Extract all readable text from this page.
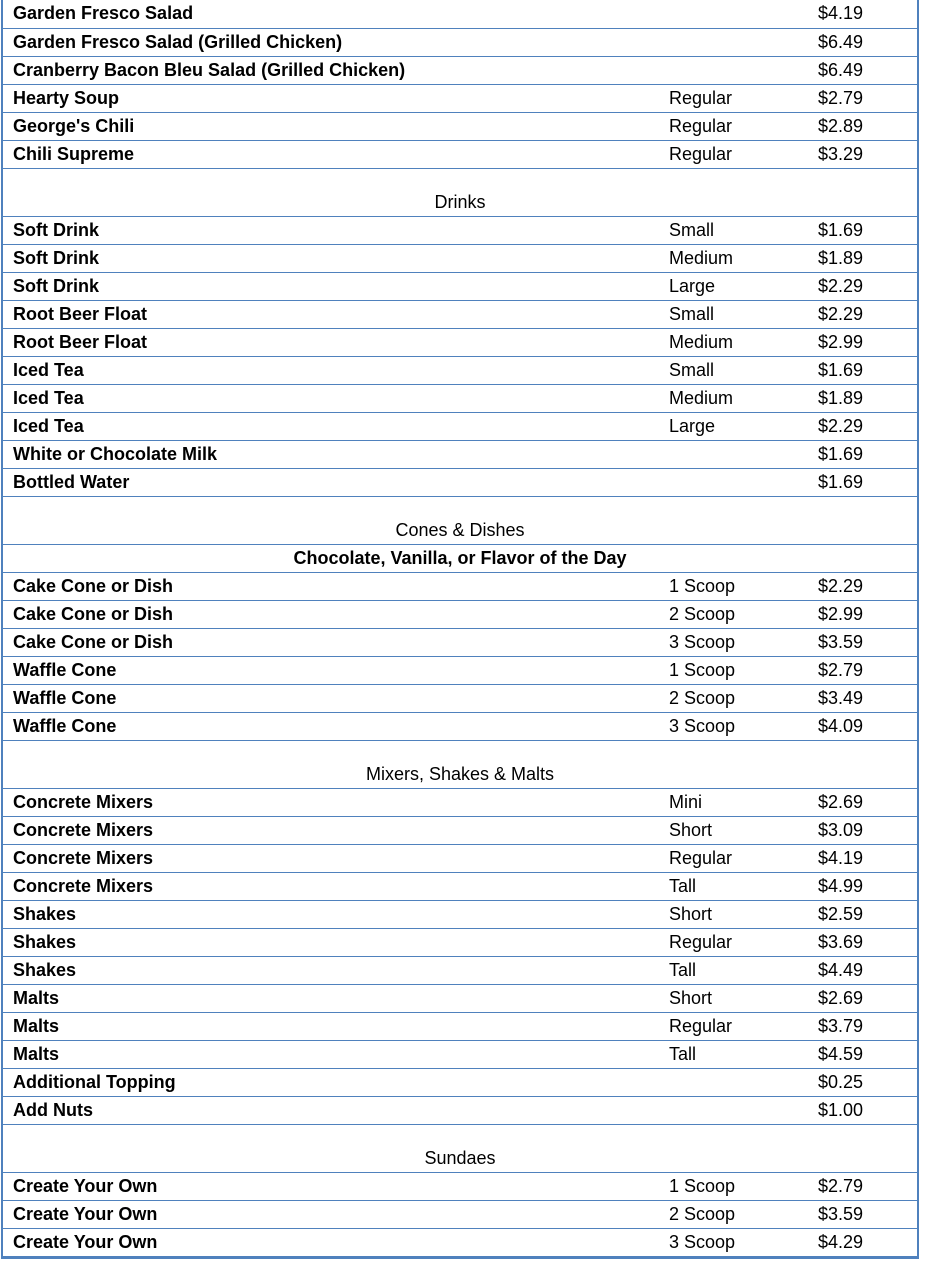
Garden Fresco Salad	$4.19
Garden Fresco Salad (Grilled Chicken)	$6.49
Cranberry Bacon Bleu Salad (Grilled Chicken)	$6.49
Hearty Soup	Regular	$2.79
George's Chili	Regular	$2.89
Chili Supreme	Regular	$3.29
Drinks
Soft Drink	Small	$1.69
Soft Drink	Medium	$1.89
Soft Drink	Large	$2.29
Root Beer Float	Small	$2.29
Root Beer Float	Medium	$2.99
Iced Tea	Small	$1.69
Iced Tea	Medium	$1.89
Iced Tea	Large	$2.29
White or Chocolate Milk	$1.69
Bottled Water	$1.69
Cones & Dishes
Chocolate, Vanilla, or Flavor of the Day
Cake Cone or Dish	1 Scoop	$2.29
Cake Cone or Dish	2 Scoop	$2.99
Cake Cone or Dish	3 Scoop	$3.59
Waffle Cone	1 Scoop	$2.79
Waffle Cone	2 Scoop	$3.49
Waffle Cone	3 Scoop	$4.09
Mixers, Shakes & Malts
Concrete Mixers	Mini	$2.69
Concrete Mixers	Short	$3.09
Concrete Mixers	Regular	$4.19
Concrete Mixers	Tall	$4.99
Shakes	Short	$2.59
Shakes	Regular	$3.69
Shakes	Tall	$4.49
Malts	Short	$2.69
Malts	Regular	$3.79
Malts	Tall	$4.59
Additional Topping	$0.25
Add Nuts	$1.00
Sundaes
Create Your Own	1 Scoop	$2.79
Create Your Own	2 Scoop	$3.59
Create Your Own	3 Scoop	$4.29
